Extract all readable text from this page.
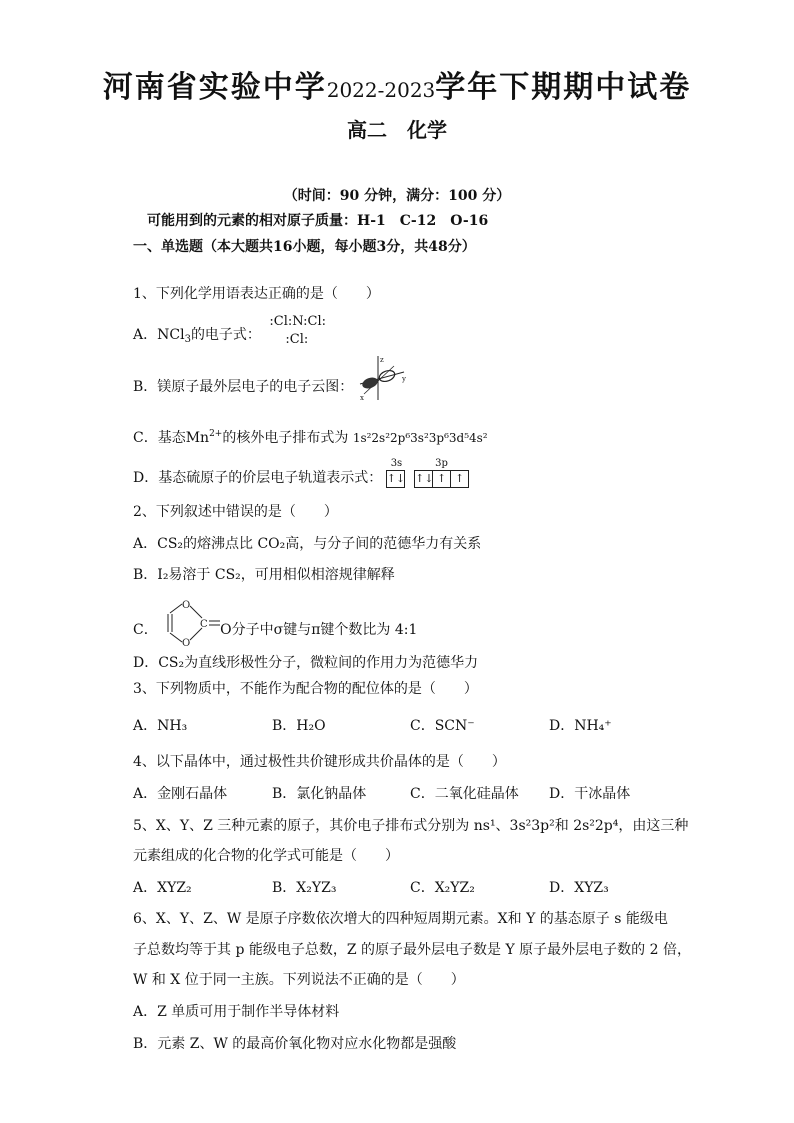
河南省实验中学2022-2023学年下期期中试卷
高二 化学
（时间：90 分钟，满分：100 分）
可能用到的元素的相对原子质量：H-1　C-12　O-16
一、单选题（本大题共16小题，每小题3分，共48分）
1、下列化学用语表达正确的是（　　）
A．NCl$_3$的电子式：
:Cl:N:Cl:
:Cl:
B．镁原子最外层电子的电子云图：
z
y
x
C．基态$Mn^{2+}$的核外电子排布式为 1s²2s²2p⁶3s²3p⁶3d⁵4s²
D．基态硫原子的价层电子轨道表示式：
3s
↑↓
3p
↑↓ ↑ ↑
2、下列叙述中错误的是（　　）
A．CS₂的熔沸点比 CO₂高，与分子间的范德华力有关系
B．I₂易溶于 CS₂，可用相似相溶规律解释
C．
O
O
C O分子中σ键与π键个数比为 4:1
D．CS₂为直线形极性分子，微粒间的作用力为范德华力
3、下列物质中，不能作为配合物的配位体的是（　　）
A．NH₃	B．H₂O	C．SCN⁻	D．NH₄⁺
4、以下晶体中，通过极性共价键形成共价晶体的是（　　）
A．金刚石晶体	B．氯化钠晶体	C．二氧化硅晶体 D．干冰晶体
5、X、Y、Z 三种元素的原子，其价电子排布式分别为 ns¹、3s²3p²和 2s²2p⁴，由这三种
元素组成的化合物的化学式可能是（　　）
A．XYZ₂	B．X₂YZ₃	C．X₂YZ₂	D．XYZ₃
6、X、Y、Z、W 是原子序数依次增大的四种短周期元素。X和 Y 的基态原子 s 能级电
子总数均等于其 p 能级电子总数，Z 的原子最外层电子数是 Y 原子最外层电子数的 2 倍，
W 和 X 位于同一主族。下列说法不正确的是（　　）
A．Z 单质可用于制作半导体材料
B．元素 Z、W 的最高价氧化物对应水化物都是强酸
